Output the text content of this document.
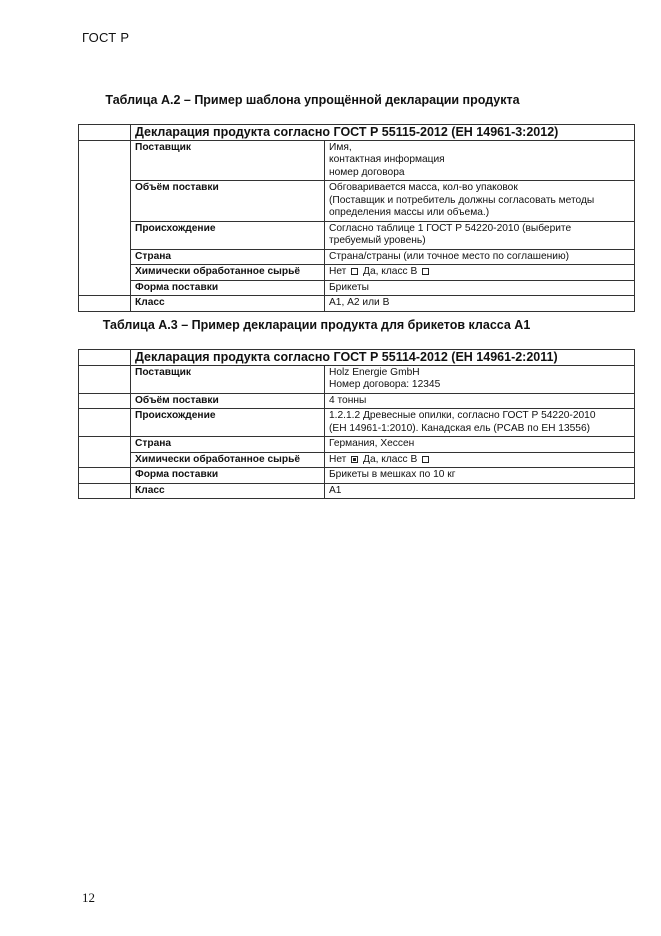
ГОСТ Р
Таблица А.2 – Пример шаблона упрощённой декларации продукта
	Декларация продукта согласно ГОСТ Р 55115-2012 (ЕН 14961-3:2012)	
	Поставщик	Имя,
контактная информация
номер договора

	Объём поставки	Обговаривается масса, кол-во упаковок
(Поставщик и потребитель должны согласовать методы
определения массы или объема.)

	Происхождение	Согласно таблице 1 ГОСТ Р 54220-2010 (выберите
требуемый уровень)

	Страна	Страна/страны (или точное место по соглашению)
	Химически обработанное сырьё	Нет Да, класс В
	Форма поставки	Брикеты
	Класс	А1, А2 или В
Таблица А.3 – Пример декларации продукта для брикетов класса А1
	Декларация продукта согласно ГОСТ Р 55114-2012 (ЕН 14961-2:2011)	
	Поставщик	Holz Energie GmbH
Номер договора: 12345

	Объём поставки	4 тонны
	Происхождение	1.2.1.2 Древесные опилки, согласно ГОСТ Р 54220-2010
(ЕН 14961-1:2010). Канадская ель (PCAB по ЕН 13556)

	Страна	Германия, Хессен
	Химически обработанное сырьё	Нет Да, класс В
	Форма поставки	Брикеты в мешках по 10 кг
	Класс	А1
12
